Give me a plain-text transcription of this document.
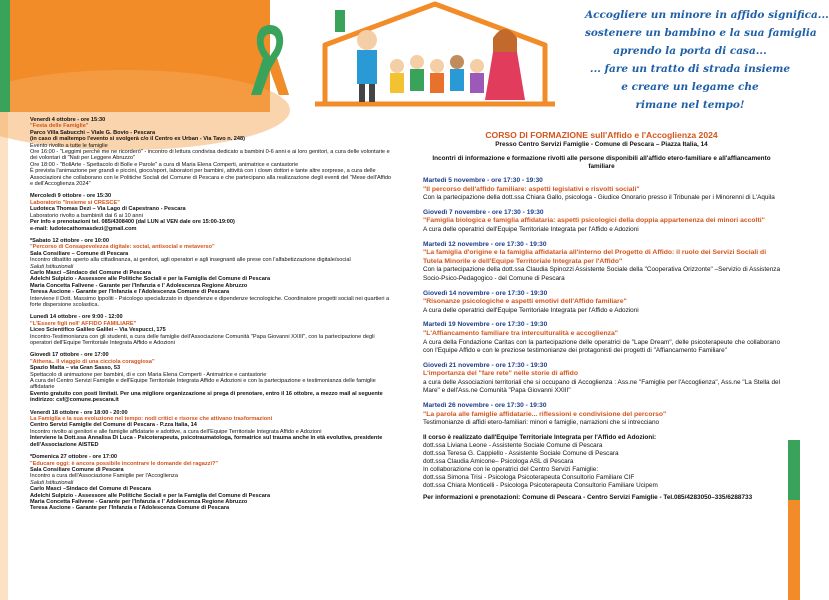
Accogliere un minore in affido significa...
sostenere un bambino e la sua famiglia
aprendo la porta di casa...
... fare un tratto di strada insieme
e creare un legame che
rimane nel tempo!
Venerdì 4 ottobre - ore 15:30
"Festa delle Famiglie"
Parco Villa Sabucchi – Viale G. Bovio - Pescara
(in caso di maltempo l'evento si svolgerà c/o il Centro ex Urban - Via Tavo n. 248)
Evento rivolto a tutte le famiglie
Ore 16:00 - "Leggimi perchè me ne ricorderò" - incontro di lettura condivisa dedicato a bambini 0-6 anni e ai loro genitori, a cura delle volontarie e dei volontari di "Nati per Leggere Abruzzo"
Ore 18:00 - "BollArte - Spettacolo di Bolle e Parole" a cura di Maria Elena Comperti, animatrice e cantastorie
È prevista l'animazione per grandi e piccini, gioco/sport, laboratori per bambini, attività con i clown dottori e tante altre sorprese, a cura delle Associazioni che collaborano con le Politiche Sociali del Comune di Pescara e che partecipano alla realizzazione degli eventi del "Mese dell'Affido e dell'Accoglienza 2024"
Mercoledì 9 ottobre - ore 15:30
Laboratorio "Insieme si CRESCE"
Ludoteca Thomas Dezi – Via Lago di Capestrano - Pescara
Laboratorio rivolto a bambini/i dai 6 ai 10 anni
Per info e prenotazioni tel. 085/4308400 (dal LUN al VEN dale ore 15:00-19:00)
e-mail: ludotecathomasdezi@gmail.com
*Sabato 12 ottobre - ore 10:00
"Percorso di Consapevolezza digitale: social, antisocial e metaverso"
Sala Consiliare – Comune di Pescara
Incontro dibattito aperto alla cittadinanza, ai genitori, agli operatori e agli insegnanti alle prese con l'alfabetizzazione digitale/social
Saluti Istituzionali
Carlo Masci –Sindaco del Comune di Pescara
Adelchi Sulpizio - Assessore alle Politiche Sociali e per la Famiglia del Comune di Pescara
Maria Concetta Falivene - Garante per l'Infanzia e l' Adolescenza Regione Abruzzo
Teresa Ascione - Garante per l'Infanzia e l'Adolescenza Comune di Pescara
Interviene il Dott. Massimo Ippoliti - Psicologo specializzato in dipendenze e dipendenze tecnologiche. Coordinatore progetti sociali nei quartieri a forte dispersione scolastica.
Lunedì 14 ottobre - ore 9:00 - 12:00
"L'Essere figli nell' AFFIDO FAMILIARE"
Liceo Scientifico Galileo Galilei – Via Vespucci, 175
Incontro-Testimonianza con gli studenti, a cura delle famiglie dell'Associazione Comunità "Papa Giovanni XXIII", con la partecipazione degli operatori dell'Equipe Territoriale Integrata Affido e Adozioni
Giovedì 17 ottobre - ore 17:00
"Athena.. il viaggio di una cicciola coraggiosa"
Spazio Matta – via Gran Sasso, 53
Spettacolo di animazione per bambini, di e con Maria Elena Comperti - Animatrice e cantastorie
A cura del Centro Servizi Famiglie e dell'Equipe Territoriale Integrata Affido e Adozioni e con la partecipazione e testimonianza delle famiglie affidatarie
Evento gratuito con posti limitati. Per una migliore organizzazione si prega di prenotare, entro il 16 ottobre, a mezzo mail al seguente indirizzo: csf@comune.pescara.it
Venerdì 18 ottobre - ore 18:00 - 20:00
La Famiglia e la sua evoluzione nel tempo: nodi critici e risorse che attivano trasformazioni
Centro Servizi Famiglie del Comune di Pescara - P.zza Italia, 14
Incontro rivolto ai genitori e alle famiglie affidatarie e adottive, a cura dell'Equipe Territoriale Integrata Affido e Adozioni
Interviene la Dott.ssa Annalisa Di Luca - Psicoterapeuta, psicotraumatologa, formatrice sul trauma anche in età evolutiva, presidente dell'Associazione AISTED
*Domenica 27 ottobre - ore 17:00
"Educare oggi: è ancora possibile incontrare le domande dei ragazzi?"
Sala Consiliare Comune di Pescara
Incontro a cura dell'Associazione Famiglie per l'Accoglienza
Saluti Istituzionali
Carlo Masci –Sindaco del Comune di Pescara
Adelchi Sulpizio - Assessore alle Politiche Sociali e per la Famiglia del Comune di Pescara
Maria Concetta Falivene - Garante per l'Infanzia e l' Adolescenza Regione Abruzzo
Teresa Ascione - Garante per l'Infanzia e l'Adolescenza Comune di Pescara
CORSO DI FORMAZIONE sull'Affido e l'Accoglienza 2024
Presso Centro Servizi Famiglie - Comune di Pescara – Piazza Italia, 14
Incontri di informazione e formazione rivolti alle persone disponibili all'affido etero-familiare e all'affiancamento familiare
Martedì 5 novembre - ore 17:30 - 19:30
"Il percorso dell'affido familiare: aspetti legislativi e risvolti sociali"
Con la partecipazione della dott.ssa Chiara Gallo, psicologa - Giudice Onorario presso il Tribunale per i Minorenni di L'Aquila
Giovedì 7 novembre - ore 17:30 - 19:30
"Famiglia biologica e famiglia affidataria: aspetti psicologici della doppia appartenenza dei minori accolti"
A cura delle operatrici dell'Equipe Territoriale Integrata per l'Affido e Adozioni
Martedì 12 novembre - ore 17:30 - 19:30
"La famiglia d'origine e la famiglia affidataria all'interno del Progetto di Affido: il ruolo dei Servizi Sociali di Tutela Minorile e dell'Equipe Territoriale Integrata per l'Affido"
Con la partecipazione della dott.ssa Claudia Spinozzi Assistente Sociale della "Cooperativa Orizzonte" –Servizio di Assistenza Socio-Psico-Pedagogico - del Comune di Pescara
Giovedì 14 novembre - ore 17:30 - 19:30
"Risonanze psicologiche e aspetti emotivi dell'Affido familiare"
A cura delle operatrici dell'Equipe Territoriale Integrata per l'Affido e Adozioni
Martedì 19 Novembre - ore 17:30 - 19:30
"L'Affiancamento familiare tra interculturalità e accoglienza"
A cura della Fondazione Caritas con la partecipazione delle operatrici de "Lape Dream", delle psicoterapeute che collaborano con l'Equipe Affido e con le preziose testimonianze dei protagonisti dei progetti di "Affiancamento Familiare"
Giovedì 21 novembre - ore 17:30 - 19:30
L'importanza del "fare rete" nelle storie di affido
a cura delle Associazioni territoriali che si occupano di Accoglienza : Ass.ne "Famiglie per l'Accoglienza", Ass.ne "La Stella del Mare" e dell'Ass.ne Comunità "Papa Giovanni XXIII"
Martedì 26 novembre - ore 17:30 - 19:30
"La parola alle famiglie affidatarie... riflessioni e condivisione del percorso"
Testimonianze di affidi etero-familiari: minori e famiglie, narrazioni che si intrecciano
Il corso è realizzato dall'Equipe Territoriale Integrata per l'Affido ed Adozioni:
dott.ssa Liviana Leone - Assistente Sociale Comune di Pescara
dott.ssa Teresa G. Cappiello - Assistente Sociale Comune di Pescara
dott.ssa Claudia Amicone– Psicologa ASL di Pescara
In collaborazione con le operatrici del Centro Servizi Famiglie:
dott.ssa Simona Trisi - Psicologa Psicoterapeuta Consultorio Familiare CIF
dott.ssa Chiara Monticelli - Psicologa Psicoterapeuta Consultorio Familiare Ucipem
Per informazioni e prenotazioni: Comune di Pescara - Centro Servizi Famiglie - Tel.085/4283050–335/6288733
